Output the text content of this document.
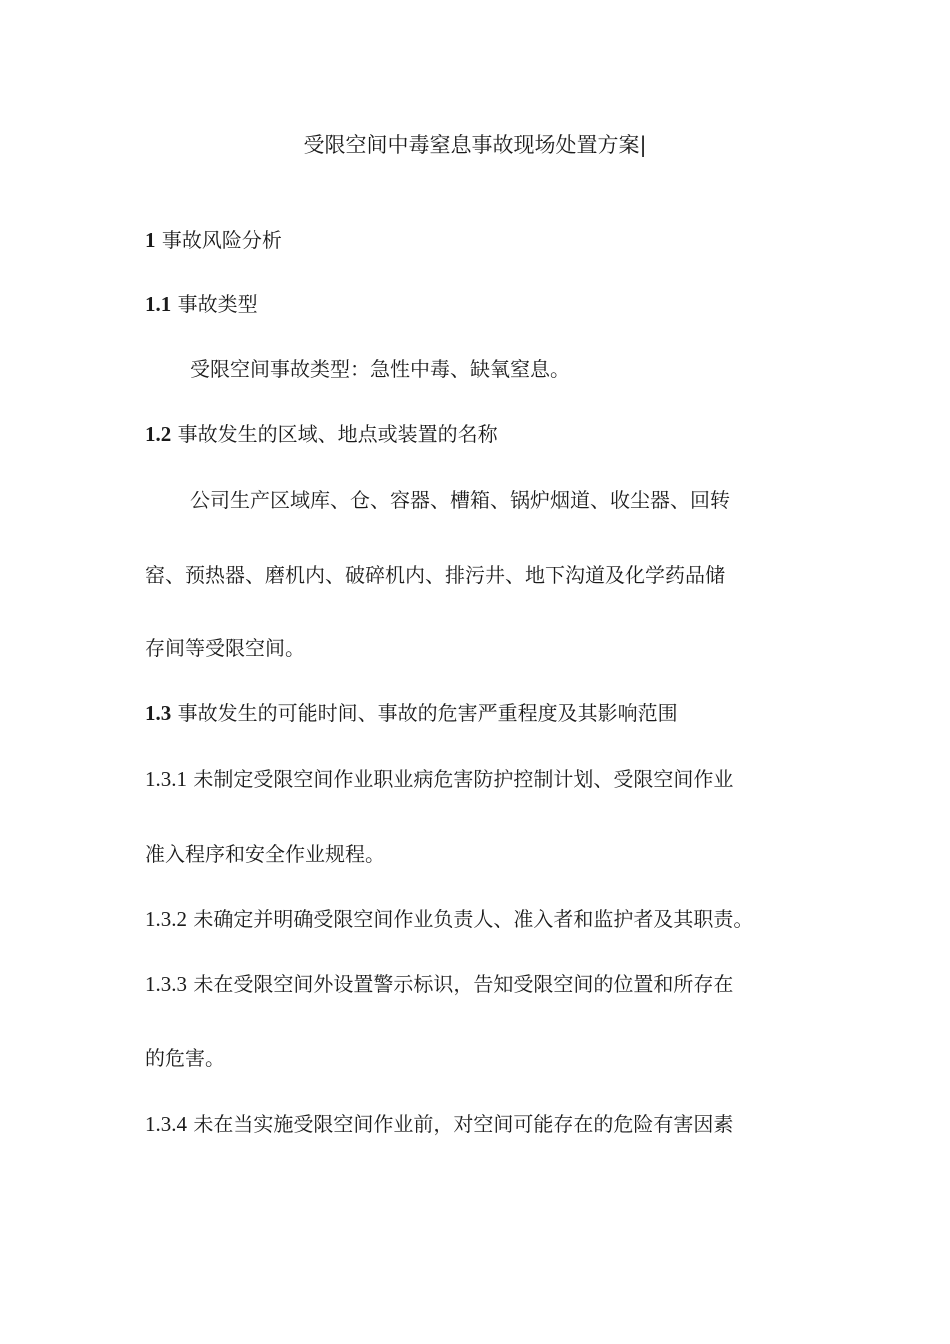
受限空间中毒窒息事故现场处置方案|
1 事故风险分析
1.1 事故类型
受限空间事故类型：急性中毒、缺氧窒息。
1.2 事故发生的区域、地点或装置的名称
公司生产区域库、仓、容器、槽箱、锅炉烟道、收尘器、回转
窑、预热器、磨机内、破碎机内、排污井、地下沟道及化学药品储
存间等受限空间。
1.3 事故发生的可能时间、事故的危害严重程度及其影响范围
1.3.1 未制定受限空间作业职业病危害防护控制计划、受限空间作业
准入程序和安全作业规程。
1.3.2 未确定并明确受限空间作业负责人、准入者和监护者及其职责。
1.3.3 未在受限空间外设置警示标识，告知受限空间的位置和所存在
的危害。
1.3.4 未在当实施受限空间作业前，对空间可能存在的危险有害因素
